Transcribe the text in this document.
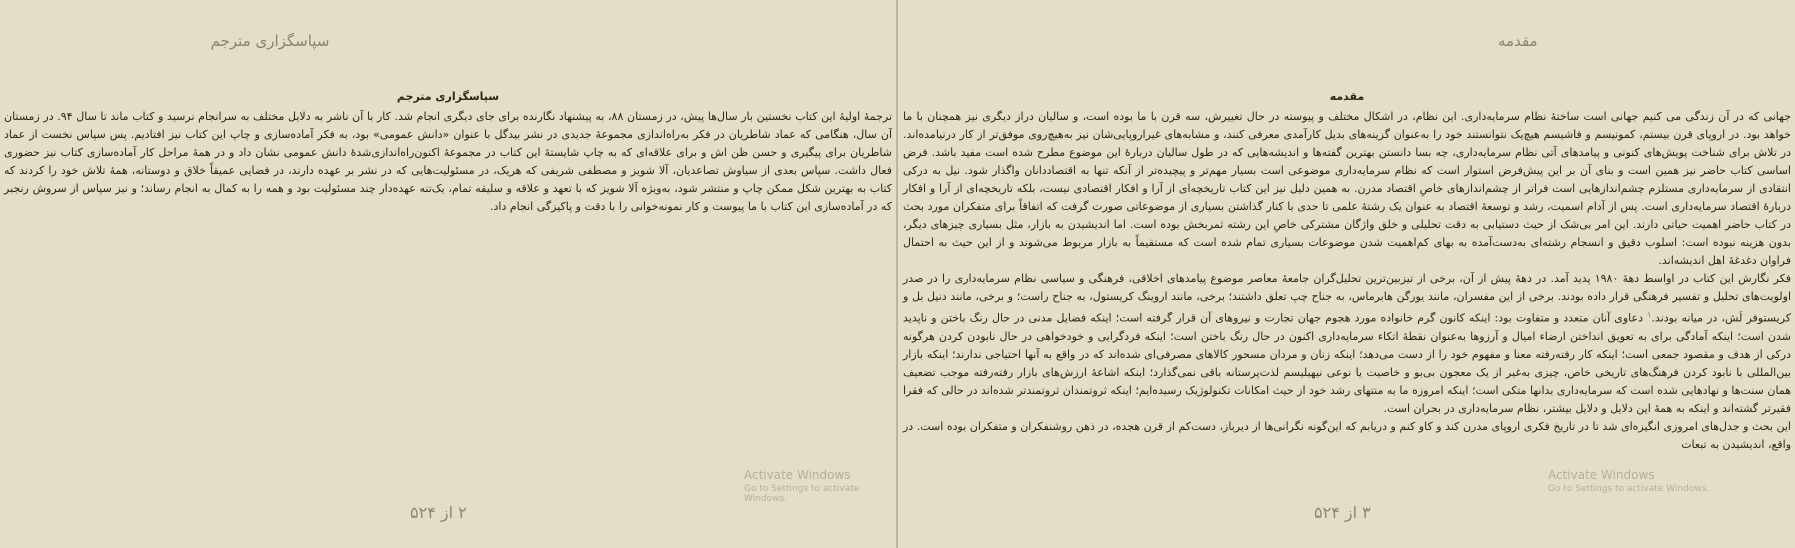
سپاسگزاری مترجم
سپاسگزاری مترجم

ترجمهٔ اولیهٔ این کتاب نخستین بار سال‌ها پیش، در زمستان ۸۸، به پیشنهاد نگارنده برای جای دیگری انجام شد. کار با آن ناشر به دلایل مختلف به سرانجام نرسید و کتاب ماند تا سال ۹۴. در زمستان آن سال، هنگامی که عماد شاطریان در فکر به‌راه‌اندازی مجموعهٔ جدیدی در نشر بیدگل با عنوان «دانش عمومی» بود، به فکر آماده‌سازی و چاپ این کتاب نیز افتادیم. پس سپاس نخست از عماد شاطریان برای پیگیری و حسن ظن اش و برای علاقه‌ای که به چاپ شایستهٔ این کتاب در مجموعهٔ اکنون‌راه‌اندازی‌شدهٔ دانش عمومی نشان داد و در همهٔ مراحل کار آماده‌سازی کتاب نیز حضوری فعال داشت. سپاس بعدی از سیاوش تصاعدیان، آلا شویز و مصطفی شریفی که هریک، در مسئولیت‌هایی که در نشر بر عهده دارند، در فضایی عمیقاً خلاق و دوستانه، همهٔ تلاش خود را کردند که کتاب به بهترین شکل ممکن چاپ و منتشر شود، به‌ویژه آلا شویز که با تعهد و علاقه و سلیقه تمام، یک‌تنه عهده‌دار چند مسئولیت بود و همه را به کمال به انجام رساند؛ و نیز سپاس از سروش رنجبر که در آماده‌سازی این کتاب با ما پیوست و کار نمونه‌خوانی را با دقت و پاکیزگی انجام داد.

Activate Windows
Go to Settings to activate Windows.
۲ از ۵۲۴
مقدمه
مقدمه

جهانی که در آن زندگی می کنیم جهانی است ساختهٔ نظام سرمایه‌داری. این نظام، در اشکال مختلف و پیوسته در حال تغییرش، سه قرن با ما بوده است، و سالیان دراز دیگری نیز همچنان با ما خواهد بود. در اروپای قرن بیستم، کمونیسم و فاشیسم هیچ‌یک نتوانستند خود را به‌عنوان گزینه‌های بدیل کارآمدی معرفی کنند، و مشابه‌های غیراروپایی‌شان نیز به‌هیچ‌روی موفق‌تر از کار درنیامده‌اند. در تلاش برای شناخت پویش‌های کنونی و پیامدهای آتی نظام سرمایه‌داری، چه بسا دانستن بهترین گفته‌ها و اندیشه‌هایی که در طول سالیان دربارهٔ این موضوع مطرح شده است مفید باشد. فرض اساسی کتاب حاضر نیز همین است و بنای آن بر این پیش‌فرض استوار است که نظام سرمایه‌داری موضوعی است بسیار مهم‌تر و پیچیده‌تر از آنکه تنها به اقتصاددانان واگذار شود. نیل به درکی انتقادی از سرمایه‌داری مستلزم چشم‌اندازهایی است فراتر از چشم‌اندازهای خاصِ اقتصاد مدرن. به همین دلیل نیز این کتاب تاریخچه‌ای از آرا و افکار اقتصادی نیست، بلکه تاریخچه‌ای از آرا و افکار دربارهٔ اقتصاد سرمایه‌داری است. پس از آدام اسمیت، رشد و توسعهٔ اقتصاد به عنوان یک رشتهٔ علمی تا حدی با کنار گذاشتن بسیاری از موضوعاتی صورت گرفت که اتفاقاً برای متفکران مورد بحث در کتاب حاضر اهمیت حیاتی دارند. این امر بی‌شک از حیث دستیابی به دقت تحلیلی و خلق واژگان مشترکی خاصِ این رشته ثمربخش بوده است. اما اندیشیدن به بازار، مثل بسیاری چیزهای دیگر، بدون هزینه نبوده است: اسلوب دقیق و انسجام رشته‌ای به‌دست‌آمده به بهای کم‌اهمیت شدن موضوعات بسیاری تمام شده است که مستقیماً به بازار مربوط می‌شوند و از این حیث به احتمال فراوان دغدغهٔ اهل اندیشه‌اند.

فکر نگارش این کتاب در اواسط دههٔ ۱۹۸۰ پدید آمد. در دههٔ پیش از آن، برخی از تیزبین‌ترین تحلیل‌گران جامعهٔ معاصر موضوع پیامدهای اخلاقی، فرهنگی و سیاسی نظام سرمایه‌داری را در صدر اولویت‌های تحلیل و تفسیر فرهنگی قرار داده بودند. برخی از این مفسران، مانند یورگن هابرماس، به جناح چپ تعلق داشتند؛ برخی، مانند اروینگ کریستول، به جناح راست؛ و برخی، مانند دنیل بل و کریستوفر لَش، در میانه بودند.$^۱$ دعاوی آنان متعدد و متفاوت بود: اینکه کانون گرم خانواده مورد هجوم جهان تجارت و نیروهای آن قرار گرفته است؛ اینکه فضایل مدنی در حال رنگ باختن و ناپدید شدن است؛ اینکه آمادگی برای به تعویق انداختن ارضاء امیال و آرزوها به‌عنوان نقطهٔ اتکاء سرمایه‌داری اکنون در حال رنگ باختن است؛ اینکه فردگرایی و خودخواهی در حال نابودن کردن هرگونه درکی از هدف و مقصود جمعی است؛ اینکه کار رفته‌رفته معنا و مفهوم خود را از دست می‌دهد؛ اینکه زنان و مردان مسحور کالاهای مصرفی‌ای شده‌اند که در واقع به آنها احتیاجی ندارند؛ اینکه بازار بین‌المللی با نابود کردن فرهنگ‌های تاریخی خاص، چیزی به‌غیر از یک معجون بی‌بو و خاصیت یا نوعی نیهیلیسم لذت‌پرستانه باقی نمی‌گذارد؛ اینکه اشاعهٔ ارزش‌های بازار رفته‌رفته موجب تضعیف همان سنت‌ها و نهادهایی شده است که سرمایه‌داری بدانها متکی است؛ اینکه امروزه ما به منتهای رشد خود از حیث امکانات تکنولوژیک رسیده‌ایم؛ اینکه ثروتمندان ثروتمندتر شده‌اند در حالی که فقرا فقیرتر گشته‌اند و اینکه به همهٔ این دلایل و دلایل بیشتر، نظام سرمایه‌داری در بحران است.

این بحث و جدل‌های امروزی انگیزه‌ای شد تا در تاریخ فکری اروپای مدرن کند و کاو کنم و دریابم که این‌گونه نگرانی‌ها از دیرباز، دست‌کم از قرن هجده، در ذهن روشنفکران و متفکران بوده است. در واقع، اندیشیدن به تبعات

Activate Windows
Go to Settings to activate Windows.
۳ از ۵۲۴
